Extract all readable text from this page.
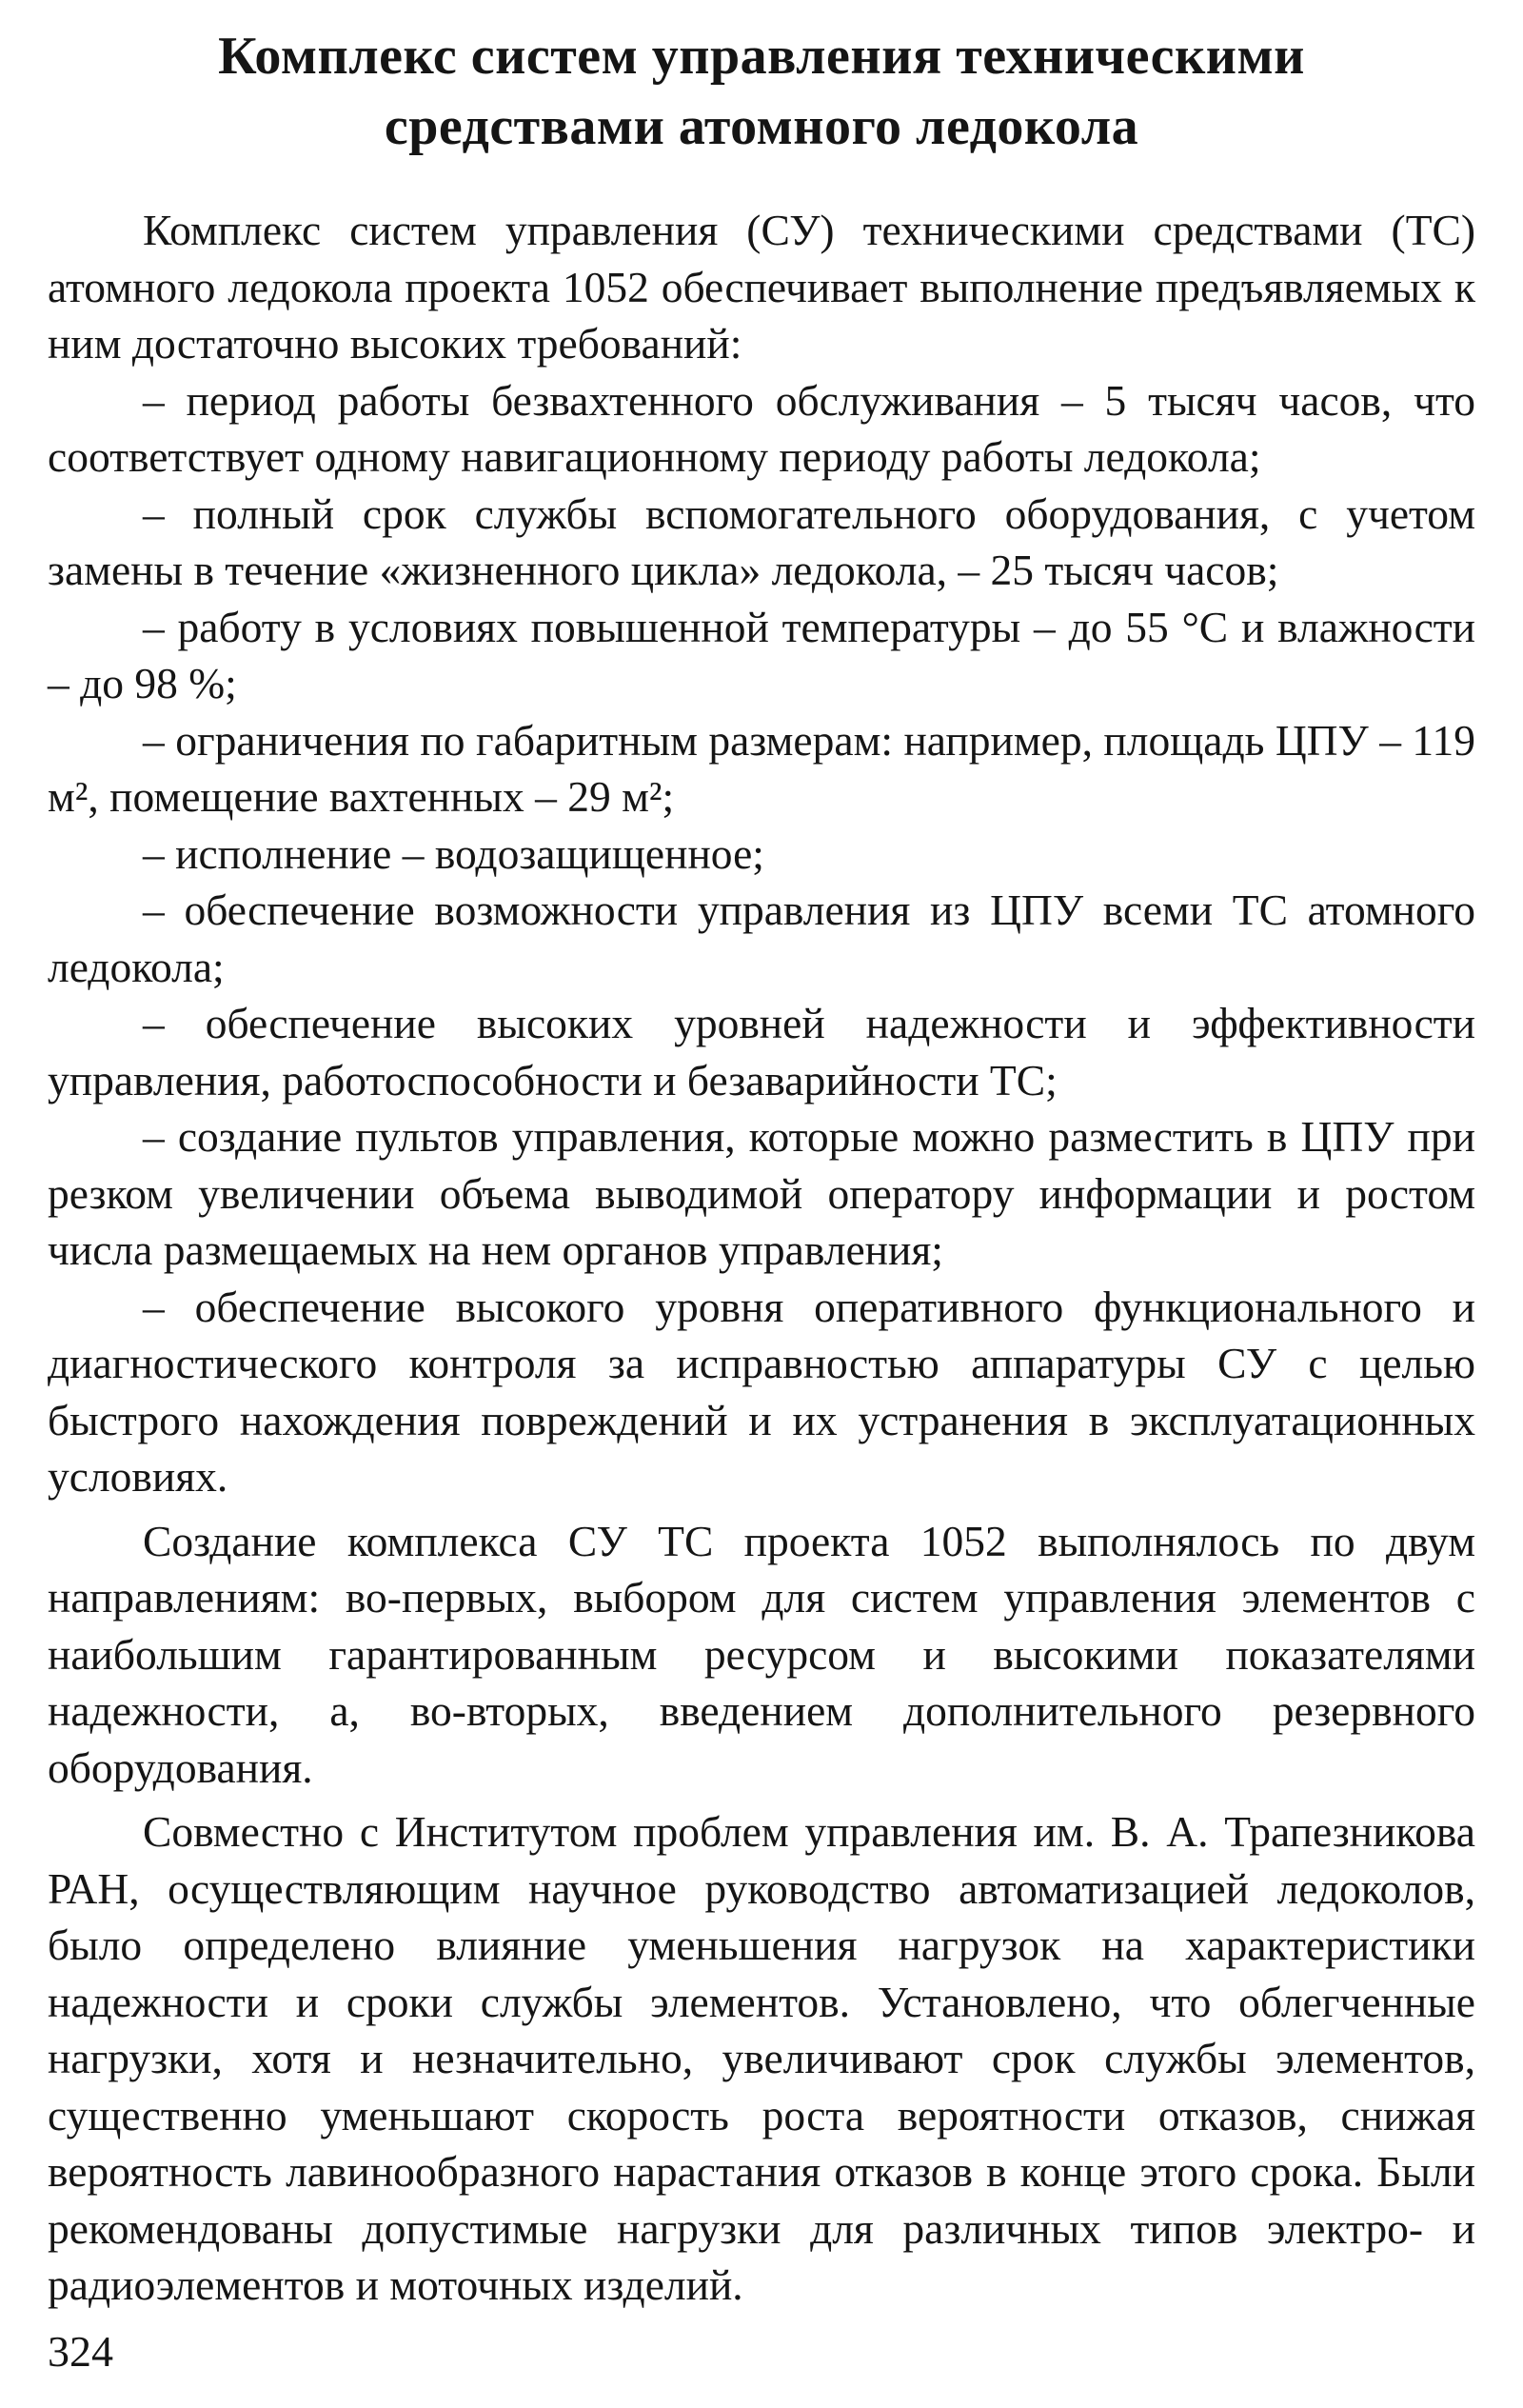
Комплекс систем управления техническими
средствами атомного ледокола

Комплекс систем управления (СУ) техническими средствами (ТС) атомного ледокола проекта 1052 обеспечивает выполнение предъявляемых к ним достаточно высоких требований:

– период работы безвахтенного обслуживания – 5 тысяч часов, что соответствует одному навигационному периоду работы ледокола;

– полный срок службы вспомогательного оборудования, с учетом замены в течение «жизненного цикла» ледокола, – 25 тысяч часов;

– работу в условиях повышенной температуры – до 55 °С и влажности – до 98 %;

– ограничения по габаритным размерам: например, площадь ЦПУ – 119 м², помещение вахтенных – 29 м²;

– исполнение – водозащищенное;

– обеспечение возможности управления из ЦПУ всеми ТС атомного ледокола;

– обеспечение высоких уровней надежности и эффективности управления, работоспособности и безаварийности ТС;

– создание пультов управления, которые можно разместить в ЦПУ при резком увеличении объема выводимой оператору информации и ростом числа размещаемых на нем органов управления;

– обеспечение высокого уровня оперативного функционального и диагностического контроля за исправностью аппаратуры СУ с целью быстрого нахождения повреждений и их устранения в эксплуатационных условиях.

Создание комплекса СУ ТС проекта 1052 выполнялось по двум направлениям: во-первых, выбором для систем управления элементов с наибольшим гарантированным ресурсом и высокими показателями надежности, а, во-вторых, введением дополнительного резервного оборудования.

Совместно с Институтом проблем управления им. В. А. Трапезникова РАН, осуществляющим научное руководство автоматизацией ледоколов, было определено влияние уменьшения нагрузок на характеристики надежности и сроки службы элементов. Установлено, что облегченные нагрузки, хотя и незначительно, увеличивают срок службы элементов, существенно уменьшают скорость роста вероятности отказов, снижая вероятность лавинообразного нарастания отказов в конце этого срока. Были рекомендованы допустимые нагрузки для различных типов электро- и радиоэлементов и моточных изделий.

324
